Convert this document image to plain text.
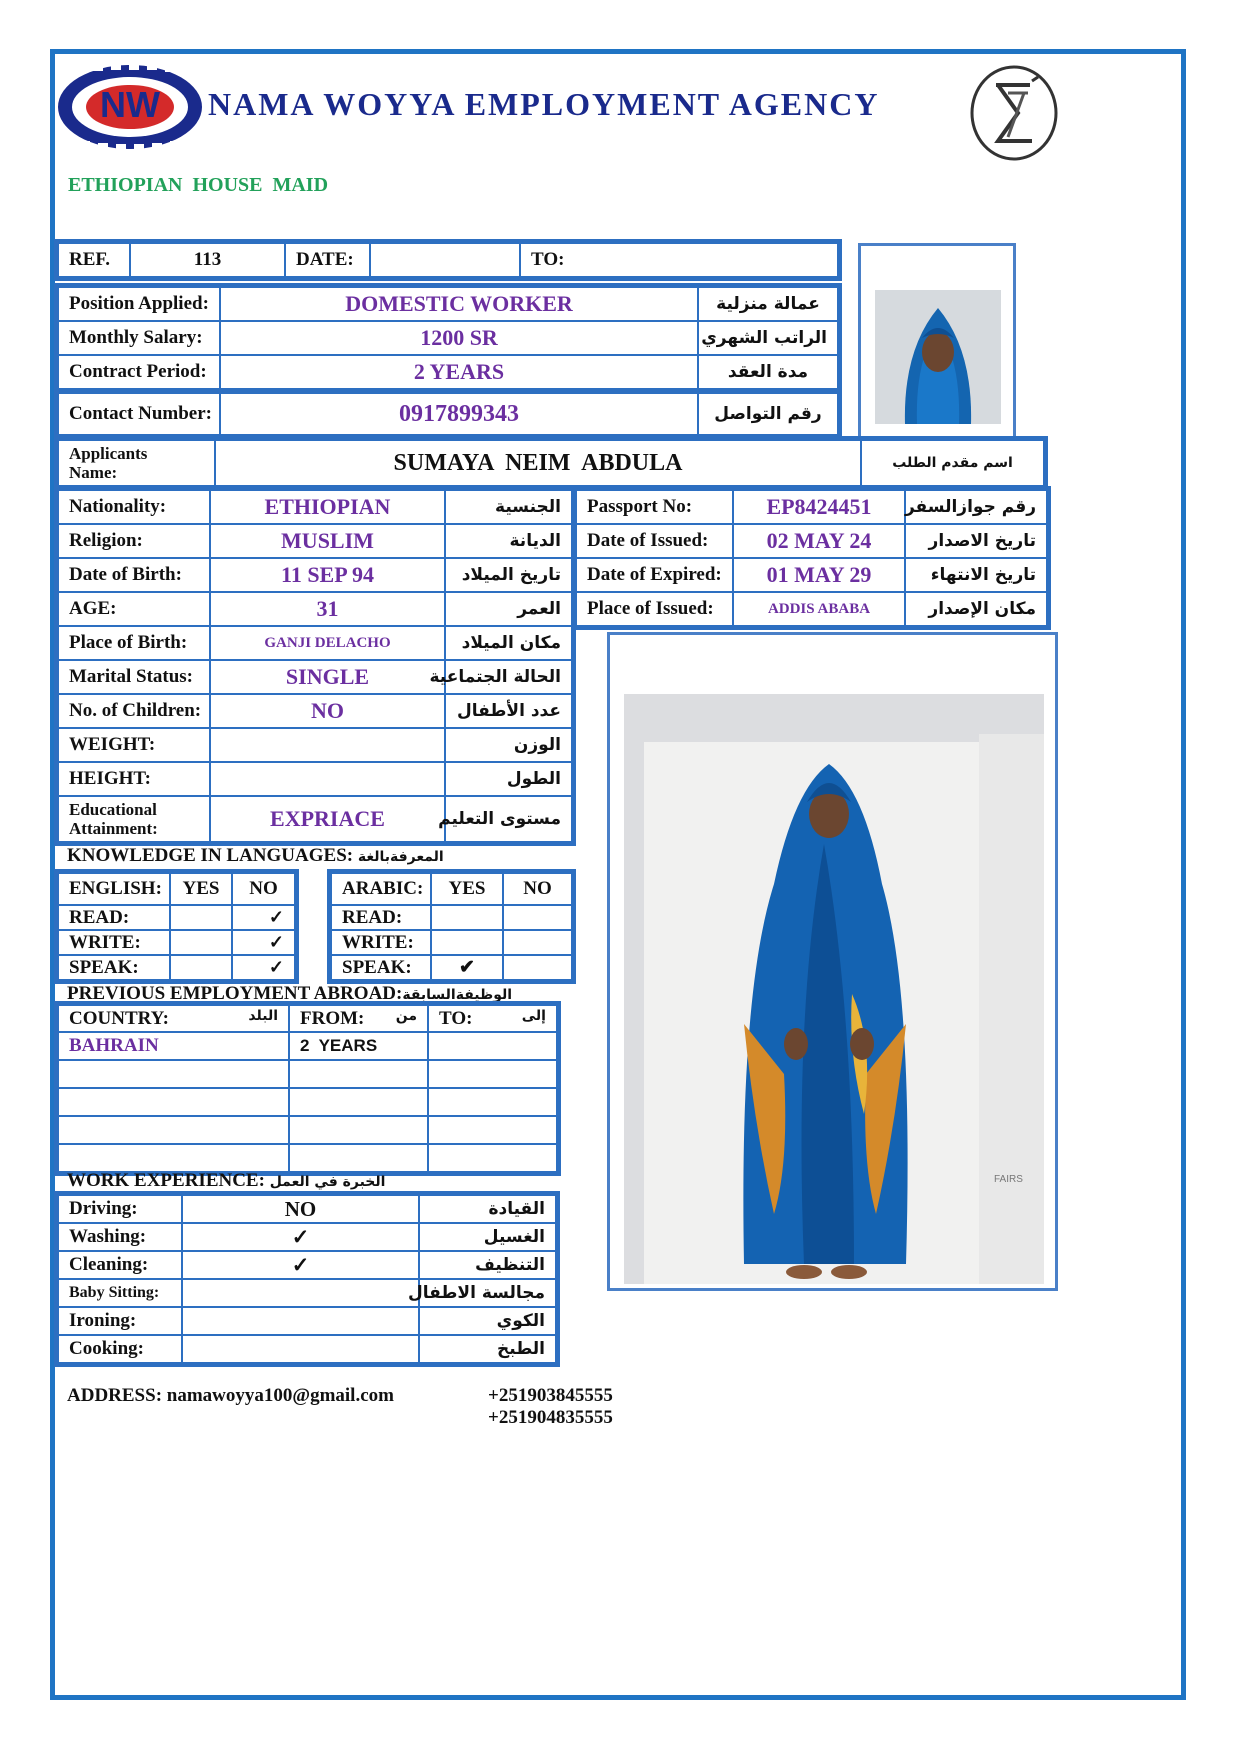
NW	NAMA WOYYA EMPLOYMENT AGENCY
ETHIOPIAN  HOUSE  MAID
REF.	113	DATE:		TO:
Position Applied:	DOMESTIC WORKER	عمالة منزلية
Monthly Salary:	1200 SR	الراتب الشهري
Contract Period:	2 YEARS	مدة العقد
Contact Number:	0917899343	رقم التواصل
Applicants
Name:	SUMAYA  NEIM  ABDULA	اسم مقدم الطلب
Nationality:	ETHIOPIAN	الجنسية
Religion:	MUSLIM	الديانة
Date of Birth:	11 SEP 94	تاريخ الميلاد
AGE:	31	العمر
Place of Birth:	GANJI DELACHO	مكان الميلاد
Marital Status:	SINGLE	الحالة الجتماعية
No. of Children:	NO	عدد الأطفال
WEIGHT:		الوزن
HEIGHT:		الطول
Educational
Attainment:	EXPRIACE	مستوى التعليم
Passport No:	EP8424451	رقم جوازالسفر
Date of Issued:	02 MAY 24	تاريخ الاصدار
Date of Expired:	01 MAY 29	تاريخ الانتهاء
Place of Issued:	ADDIS ABABA	مكان الإصدار
FAIRS
KNOWLEDGE IN LANGUAGES: المعرفةبالغة
ENGLISH:	YES	NO
READ:		✓
WRITE:		✓
SPEAK:		✓
ARABIC:	YES	NO
READ:		
WRITE:		
SPEAK:	✔	
PREVIOUS EMPLOYMENT ABROAD:الوظيفةالسابقة
COUNTRY: البلد	FROM: من	TO: إلى

BAHRAIN	2  YEARS	

WORK EXPERIENCE: الخبرة في العمل
Driving:	NO	القيادة
Washing:	✓	الغسيل
Cleaning:	✓	التنظيف
Baby Sitting:		مجالسة الاطفال
Ironing:		الكوي
Cooking:		الطبخ
ADDRESS: namawoyya100@gmail.com	+251903845555
+251904835555
